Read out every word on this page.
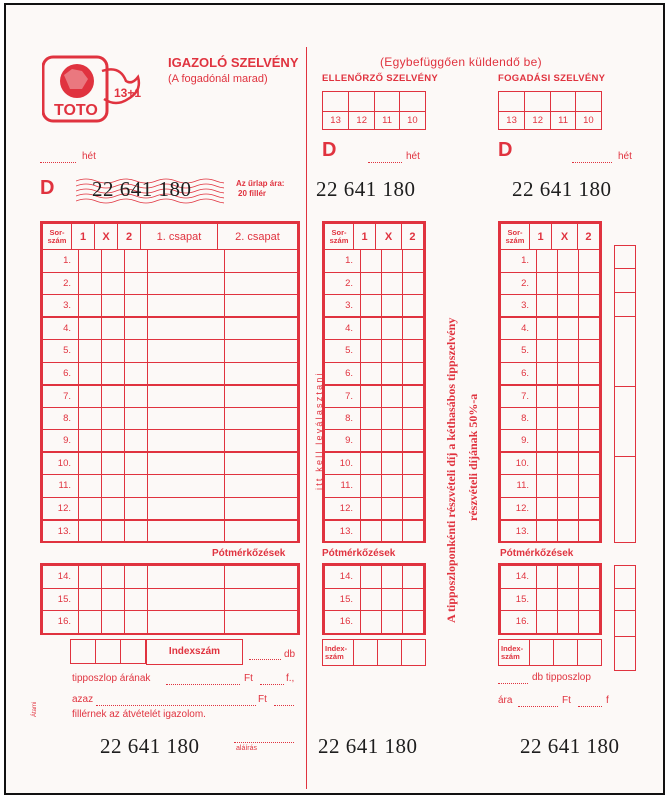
TOTO
13+1
IGAZOLÓ SZELVÉNY
(A fogadónál marad)
hét
D 22 641 180	Az űrlap ára:
20 fillér
Sor-
szám	1	X	2	1. csapat	2. csapat
1.					
2.					
3.					
4.					
5.					
6.					
7.					
8.					
9.					
10.					
11.					
12.					
13.					
Pótmérkőzések
14.					
15.					
16.					

Indexszám	db
tipposzlop árának	Ft	f.,
azaz	Ft
fillérnek az átvételét igazolom.
Átami
22 641 180	aláírás
itt kell leválasztani
(Egybefüggően küldendő be)
ELLENŐRZŐ SZELVÉNY

13	12	11	10
D	hét
22 641 180
Sor-
szám	1	X	2
1.			
2.			
3.			
4.			
5.			
6.			
7.			
8.			
9.			
10.			
11.			
12.			
13.			
Pótmérkőzések
14.			
15.			
16.			
Index-
szám			
22 641 180
A tipposzloponkénti részvételi díj a kéthasábos tippszelvény részvételi díjának 50%-a
FOGADÁSI SZELVÉNY

13	12	11	10
D	hét
22 641 180
Sor-
szám	1	X	2
1.			
2.			
3.			
4.			
5.			
6.			
7.			
8.			
9.			
10.			
11.			
12.			
13.			
Pótmérkőzések
14.			
15.			
16.			
Index-
szám			
db tipposzlop
ára	Ft	f
22 641 180
